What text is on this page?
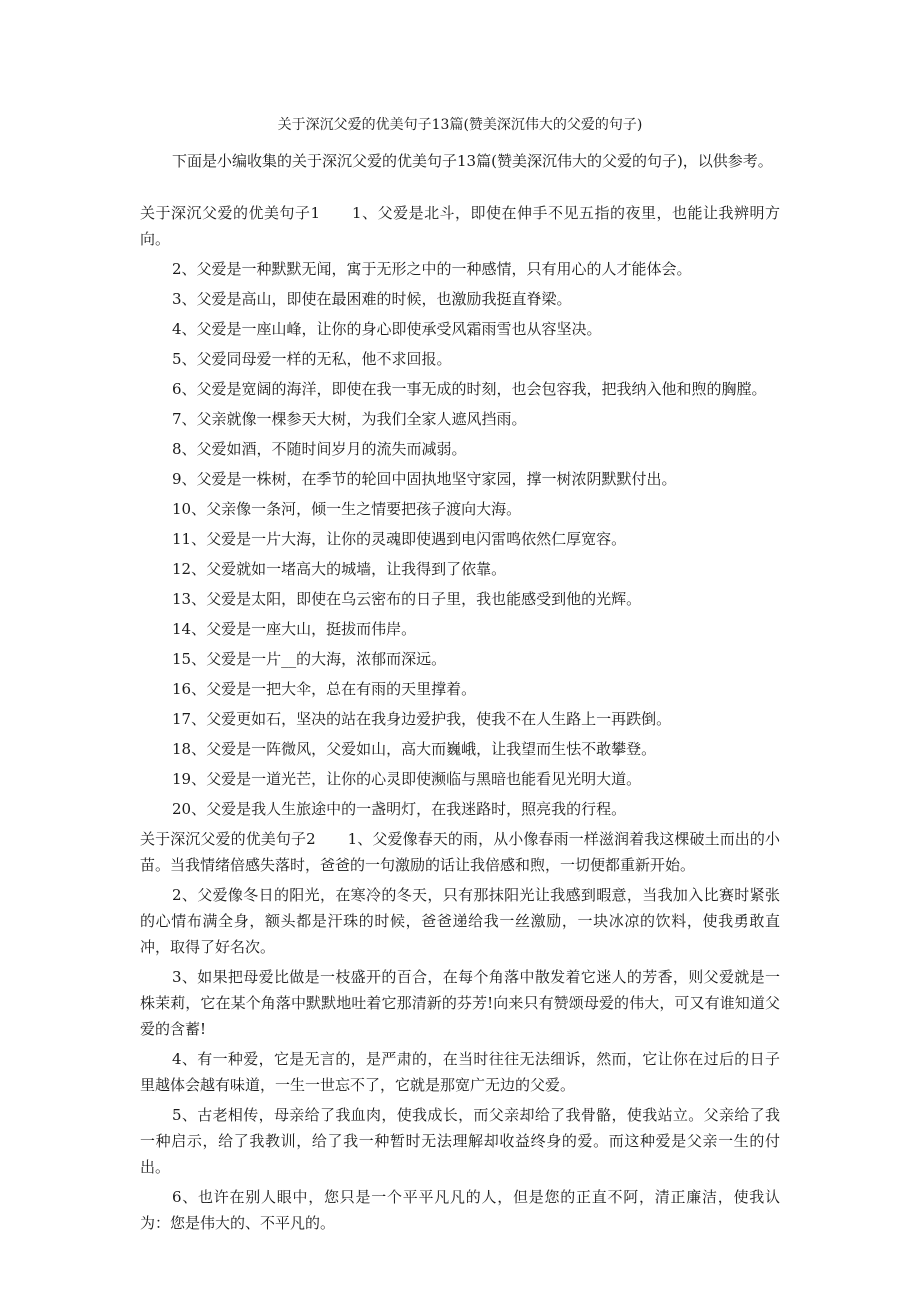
关于深沉父爱的优美句子13篇(赞美深沉伟大的父爱的句子)

下面是小编收集的关于深沉父爱的优美句子13篇(赞美深沉伟大的父爱的句子)，以供参考。

关于深沉父爱的优美句子1 1、父爱是北斗，即使在伸手不见五指的夜里，也能让我辨明方向。

2、父爱是一种默默无闻，寓于无形之中的一种感情，只有用心的人才能体会。

3、父爱是高山，即使在最困难的时候，也激励我挺直脊梁。

4、父爱是一座山峰，让你的身心即使承受风霜雨雪也从容坚决。

5、父爱同母爱一样的无私，他不求回报。

6、父爱是宽阔的海洋，即使在我一事无成的时刻，也会包容我，把我纳入他和煦的胸膛。

7、父亲就像一棵参天大树，为我们全家人遮风挡雨。

8、父爱如酒，不随时间岁月的流失而减弱。

9、父爱是一株树，在季节的轮回中固执地坚守家园，撑一树浓阴默默付出。

10、父亲像一条河，倾一生之情要把孩子渡向大海。

11、父爱是一片大海，让你的灵魂即使遇到电闪雷鸣依然仁厚宽容。

12、父爱就如一堵高大的城墙，让我得到了依靠。

13、父爱是太阳，即使在乌云密布的日子里，我也能感受到他的光辉。

14、父爱是一座大山，挺拔而伟岸。

15、父爱是一片__的大海，浓郁而深远。

16、父爱是一把大伞，总在有雨的天里撑着。

17、父爱更如石，坚决的站在我身边爱护我，使我不在人生路上一再跌倒。

18、父爱是一阵微风，父爱如山，高大而巍峨，让我望而生怯不敢攀登。

19、父爱是一道光芒，让你的心灵即使濒临与黑暗也能看见光明大道。

20、父爱是我人生旅途中的一盏明灯，在我迷路时，照亮我的行程。

关于深沉父爱的优美句子2 1、父爱像春天的雨，从小像春雨一样滋润着我这棵破土而出的小苗。当我情绪倍感失落时，爸爸的一句激励的话让我倍感和煦，一切便都重新开始。

2、父爱像冬日的阳光，在寒冷的冬天，只有那抹阳光让我感到暇意，当我加入比赛时紧张的心情布满全身，额头都是汗珠的时候，爸爸递给我一丝激励，一块冰凉的饮料，使我勇敢直冲，取得了好名次。

3、如果把母爱比做是一枝盛开的百合，在每个角落中散发着它迷人的芳香，则父爱就是一株茉莉，它在某个角落中默默地吐着它那清新的芬芳!向来只有赞颂母爱的伟大，可又有谁知道父爱的含蓄!

4、有一种爱，它是无言的，是严肃的，在当时往往无法细诉，然而，它让你在过后的日子里越体会越有味道，一生一世忘不了，它就是那宽广无边的父爱。

5、古老相传，母亲给了我血肉，使我成长，而父亲却给了我骨骼，使我站立。父亲给了我一种启示，给了我教训，给了我一种暂时无法理解却收益终身的爱。而这种爱是父亲一生的付出。

6、也许在别人眼中，您只是一个平平凡凡的人，但是您的正直不阿，清正廉洁，使我认为：您是伟大的、不平凡的。
